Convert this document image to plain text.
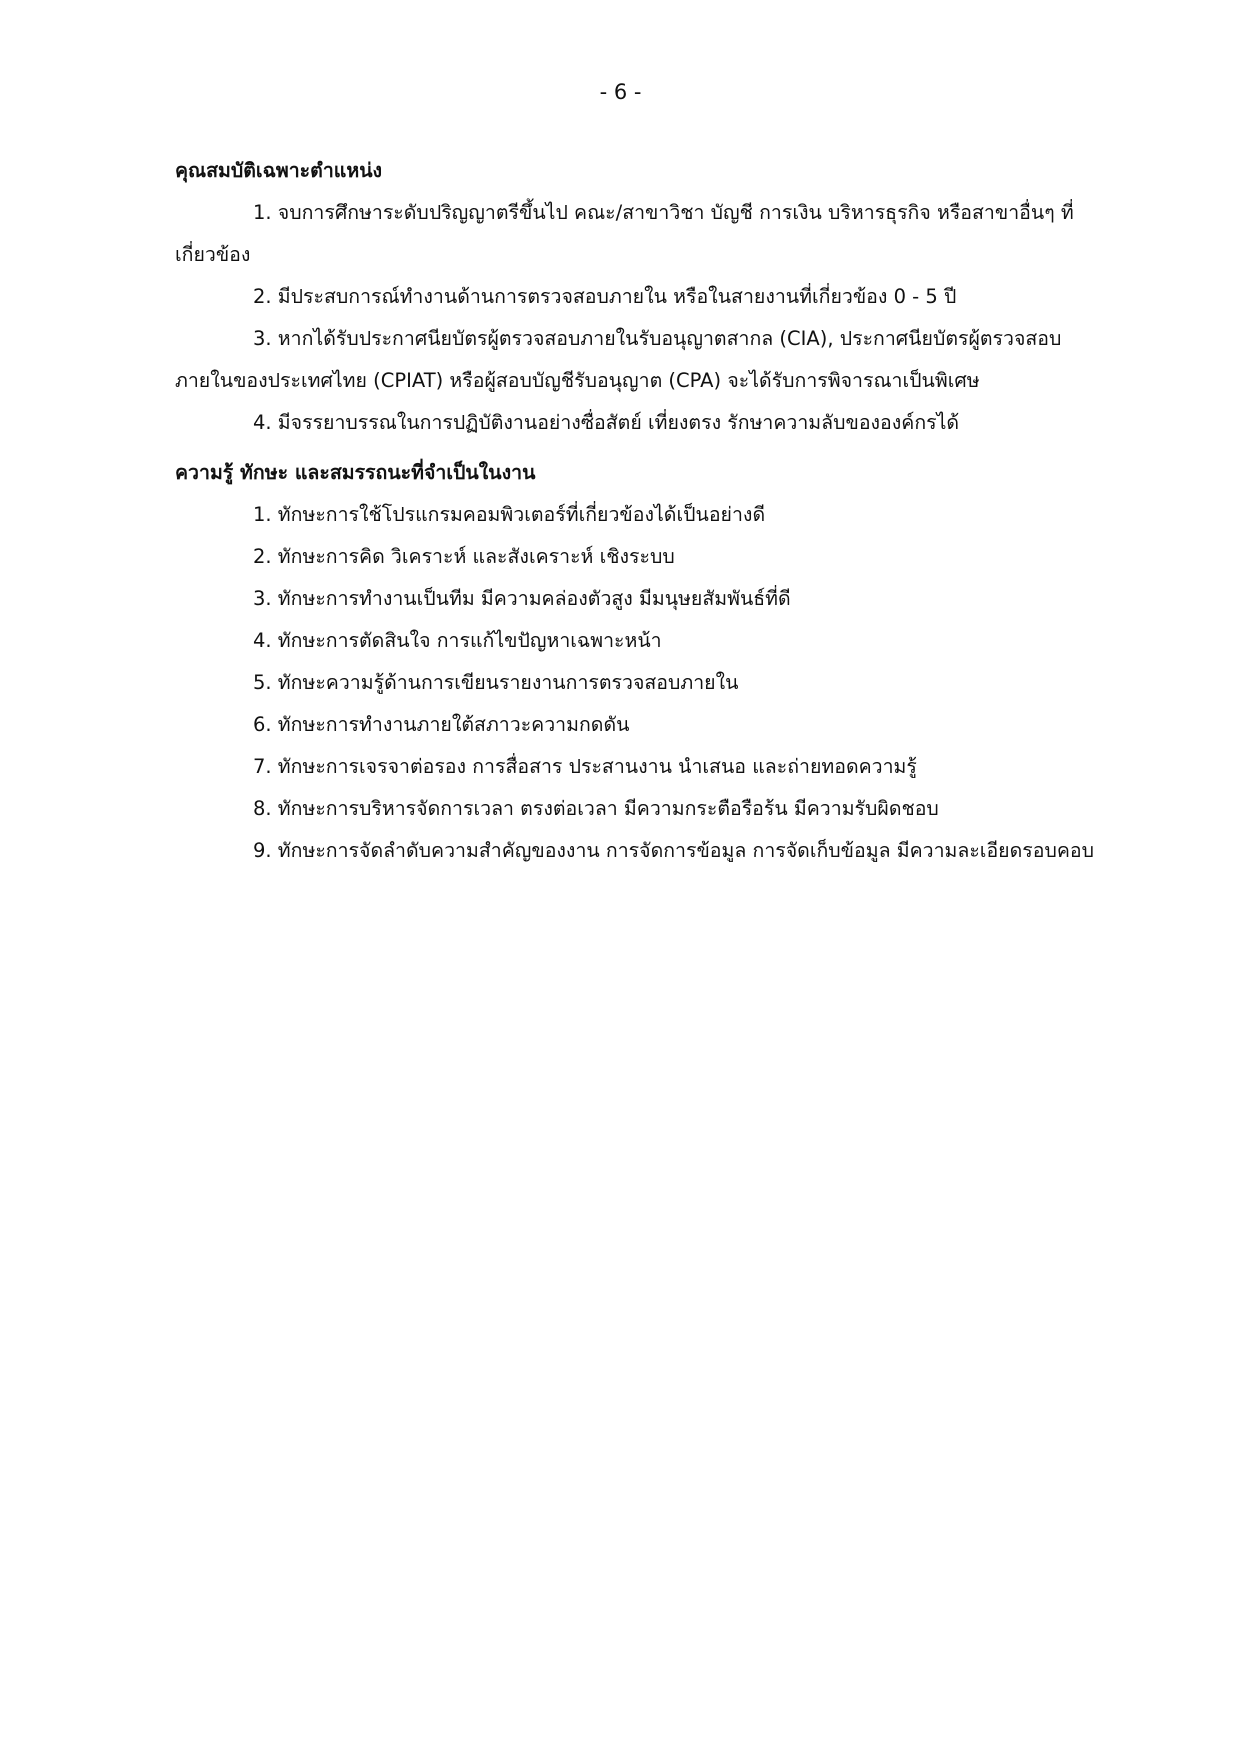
- 6 -

คุณสมบัติเฉพาะตำแหน่ง

1. จบการศึกษาระดับปริญญาตรีขึ้นไป คณะ/สาขาวิชา บัญชี การเงิน บริหารธุรกิจ หรือสาขาอื่นๆ ที่เกี่ยวข้อง

2. มีประสบการณ์ทำงานด้านการตรวจสอบภายใน หรือในสายงานที่เกี่ยวข้อง 0 - 5 ปี

3. หากได้รับประกาศนียบัตรผู้ตรวจสอบภายในรับอนุญาตสากล (CIA), ประกาศนียบัตรผู้ตรวจสอบภายในของประเทศไทย (CPIAT) หรือผู้สอบบัญชีรับอนุญาต (CPA) จะได้รับการพิจารณาเป็นพิเศษ

4. มีจรรยาบรรณในการปฏิบัติงานอย่างซื่อสัตย์ เที่ยงตรง รักษาความลับขององค์กรได้

ความรู้ ทักษะ และสมรรถนะที่จำเป็นในงาน

1. ทักษะการใช้โปรแกรมคอมพิวเตอร์ที่เกี่ยวข้องได้เป็นอย่างดี

2. ทักษะการคิด วิเคราะห์ และสังเคราะห์ เชิงระบบ

3. ทักษะการทำงานเป็นทีม มีความคล่องตัวสูง มีมนุษยสัมพันธ์ที่ดี

4. ทักษะการตัดสินใจ การแก้ไขปัญหาเฉพาะหน้า

5. ทักษะความรู้ด้านการเขียนรายงานการตรวจสอบภายใน

6. ทักษะการทำงานภายใต้สภาวะความกดดัน

7. ทักษะการเจรจาต่อรอง การสื่อสาร ประสานงาน นำเสนอ และถ่ายทอดความรู้

8. ทักษะการบริหารจัดการเวลา ตรงต่อเวลา มีความกระตือรือร้น มีความรับผิดชอบ

9. ทักษะการจัดลำดับความสำคัญของงาน การจัดการข้อมูล การจัดเก็บข้อมูล มีความละเอียดรอบคอบ
